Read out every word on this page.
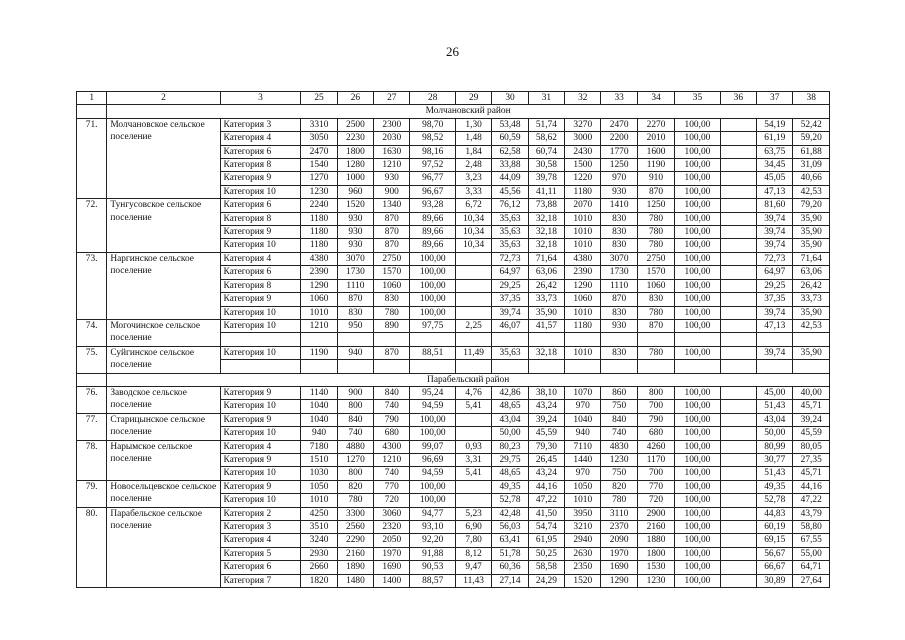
26
1	2	3	25	26	27	28	29	30	31	32	33	34	35	36	37	38
	Молчановский район															
71.	Молчановское сельское поселение	Категория 3	3310	2500	2300	98,70	1,30	53,48	51,74	3270	2470	2270	100,00		54,19	52,42
		Категория 4	3050	2230	2030	98,52	1,48	60,59	58,62	3000	2200	2010	100,00		61,19	59,20
		Категория 6	2470	1800	1630	98,16	1,84	62,58	60,74	2430	1770	1600	100,00		63,75	61,88
		Категория 8	1540	1280	1210	97,52	2,48	33,88	30,58	1500	1250	1190	100,00		34,45	31,09
		Категория 9	1270	1000	930	96,77	3,23	44,09	39,78	1220	970	910	100,00		45,05	40,66
		Категория 10	1230	960	900	96,67	3,33	45,56	41,11	1180	930	870	100,00		47,13	42,53
72.	Тунгусовское сельское поселение	Категория 6	2240	1520	1340	93,28	6,72	76,12	73,88	2070	1410	1250	100,00		81,60	79,20
		Категория 8	1180	930	870	89,66	10,34	35,63	32,18	1010	830	780	100,00		39,74	35,90
		Категория 9	1180	930	870	89,66	10,34	35,63	32,18	1010	830	780	100,00		39,74	35,90
		Категория 10	1180	930	870	89,66	10,34	35,63	32,18	1010	830	780	100,00		39,74	35,90
73.	Наргинское сельское поселение	Категория 4	4380	3070	2750	100,00		72,73	71,64	4380	3070	2750	100,00		72,73	71,64
		Категория 6	2390	1730	1570	100,00		64,97	63,06	2390	1730	1570	100,00		64,97	63,06
		Категория 8	1290	1110	1060	100,00		29,25	26,42	1290	1110	1060	100,00		29,25	26,42
		Категория 9	1060	870	830	100,00		37,35	33,73	1060	870	830	100,00		37,35	33,73
		Категория 10	1010	830	780	100,00		39,74	35,90	1010	830	780	100,00		39,74	35,90
74.	Могочинское сельское поселение	Категория 10	1210	950	890	97,75	2,25	46,07	41,57	1180	930	870	100,00		47,13	42,53

75.	Суйгинское сельское поселение	Категория 10	1190	940	870	88,51	11,49	35,63	32,18	1010	830	780	100,00		39,74	35,90

	Парабельский район															
76.	Заводское сельское поселение	Категория 9	1140	900	840	95,24	4,76	42,86	38,10	1070	860	800	100,00		45,00	40,00
		Категория 10	1040	800	740	94,59	5,41	48,65	43,24	970	750	700	100,00		51,43	45,71
77.	Старицынское сельское поселение	Категория 9	1040	840	790	100,00		43,04	39,24	1040	840	790	100,00		43,04	39,24
		Категория 10	940	740	680	100,00		50,00	45,59	940	740	680	100,00		50,00	45,59
78.	Нарымское сельское поселение	Категория 4	7180	4880	4300	99,07	0,93	80,23	79,30	7110	4830	4260	100,00		80,99	80,05
		Категория 9	1510	1270	1210	96,69	3,31	29,75	26,45	1440	1230	1170	100,00		30,77	27,35
		Категория 10	1030	800	740	94,59	5,41	48,65	43,24	970	750	700	100,00		51,43	45,71
79.	Новосельцевское сельское поселение	Категория 9	1050	820	770	100,00		49,35	44,16	1050	820	770	100,00		49,35	44,16
		Категория 10	1010	780	720	100,00		52,78	47,22	1010	780	720	100,00		52,78	47,22
80.	Парабельское сельское поселение	Категория 2	4250	3300	3060	94,77	5,23	42,48	41,50	3950	3110	2900	100,00		44,83	43,79
		Категория 3	3510	2560	2320	93,10	6,90	56,03	54,74	3210	2370	2160	100,00		60,19	58,80
		Категория 4	3240	2290	2050	92,20	7,80	63,41	61,95	2940	2090	1880	100,00		69,15	67,55
		Категория 5	2930	2160	1970	91,88	8,12	51,78	50,25	2630	1970	1800	100,00		56,67	55,00
		Категория 6	2660	1890	1690	90,53	9,47	60,36	58,58	2350	1690	1530	100,00		66,67	64,71
		Категория 7	1820	1480	1400	88,57	11,43	27,14	24,29	1520	1290	1230	100,00		30,89	27,64
